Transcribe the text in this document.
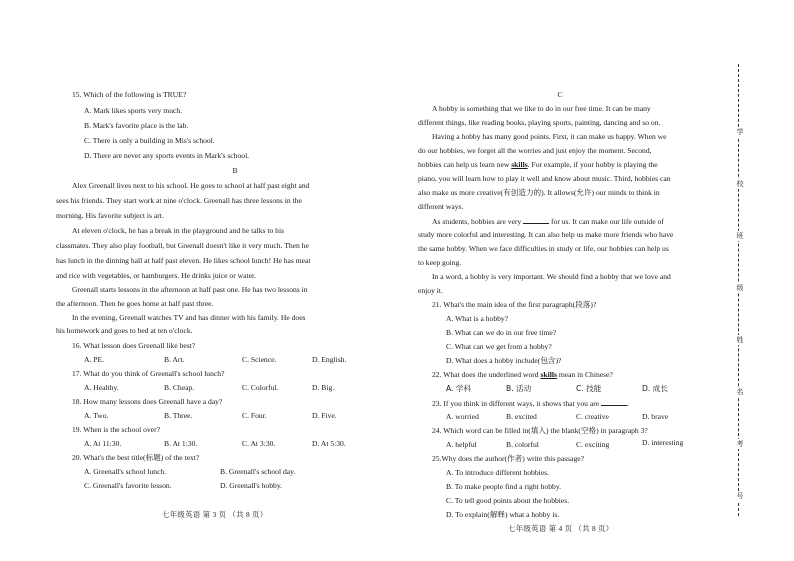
15. Which of the following is TRUE?
A. Mark likes sports very much.
B. Mark's favorite place is the lab.
C. There is only a building in Mis's school.
D. There are never any sports events in Mark's school.
B
Alex Greenall lives next to his school. He goes to school at half past eight and
sees his friends. They start work at nine o'clock. Greenall has three lessons in the
morning. His favorite subject is art.
At eleven o'clock, he has a break in the playground and he talks to his
classmates. They also play football, but Greenall doesn't like it very much. Then he
has lunch in the dinning hall at half past eleven. He likes school lunch! He has meat
and rice with vegetables, or hamburgers. He drinks juice or water.
Greenall starts lessons in the afternoon at half past one. He has two lessons in
the afternoon. Then he goes home at half past three.
In the evening, Greenall watches TV and has dinner with his family. He does
his homework and goes to bed at ten o'clock.
16. What lesson does Greenall like best?
A. PE.	B. Art.	C. Science.	D. English.
17. What do you think of Greenall's school lunch?
A. Healthy.	B. Cheap.	C. Colorful.	D. Big.
18. How many lessons does Greenall have a day?
A. Two.	B. Three.	C. Four.	D. Five.
19. When is the school over?
A. At 11:30.	B. At 1:30.	C. At 3:30.	D. At 5:30.
20. What's the best title(标题) of the text?
A. Greenall's school lunch.	B. Greenall's school day.
C. Greenall's favorite lesson.	D. Greenall's hobby.
七年级英语 第 3 页 （共 8 页）
C
A hobby is something that we like to do in our free time. It can be many
different things, like reading books, playing sports, painting, dancing and so on.
Having a hobby has many good points. First, it can make us happy. When we
do our hobbies, we forget all the worries and just enjoy the moment. Second,
hobbies can help us learn new skills. For example, if your hobby is playing the
piano, you will learn how to play it well and know about music. Third, hobbies can
also make us more creative(有创造力的). It allows(允许) our minds to think in
different ways.
As students, hobbies are very	for us. It can make our life outside of
study more colorful and interesting. It can also help us make more friends who have
the same hobby. When we face difficulties in study or life, our hobbies can help us
to keep going.
In a word, a hobby is very important. We should find a hobby that we love and
enjoy it.
21. What's the main idea of the first paragraph(段落)?
A. What is a hobby?
B. What can we do in our free time?
C. What can we get from a hobby?
D. What does a hobby include(包含)?
22. What does the underlined word skills mean in Chinese?
A. 学科	B. 活动	C. 技能	D. 成长
23. If you think in different ways, it shows that you are	.
A. worried	B. excited	C. creative	D. brave
24. Which word can be filled in(填入) the blank(空格) in paragraph 3?
A. helpful	B. colorful	C. exciting	D. interesting
25.Why does the author(作者) write this passage?
A. To introduce different hobbies.
B. To make people find a right hobby.
C. To tell good points about the hobbies.
D. To explain(解释) what a hobby is.
七年级英语 第 4 页 （共 8 页）
学
校
班
级
姓
名
考
号
